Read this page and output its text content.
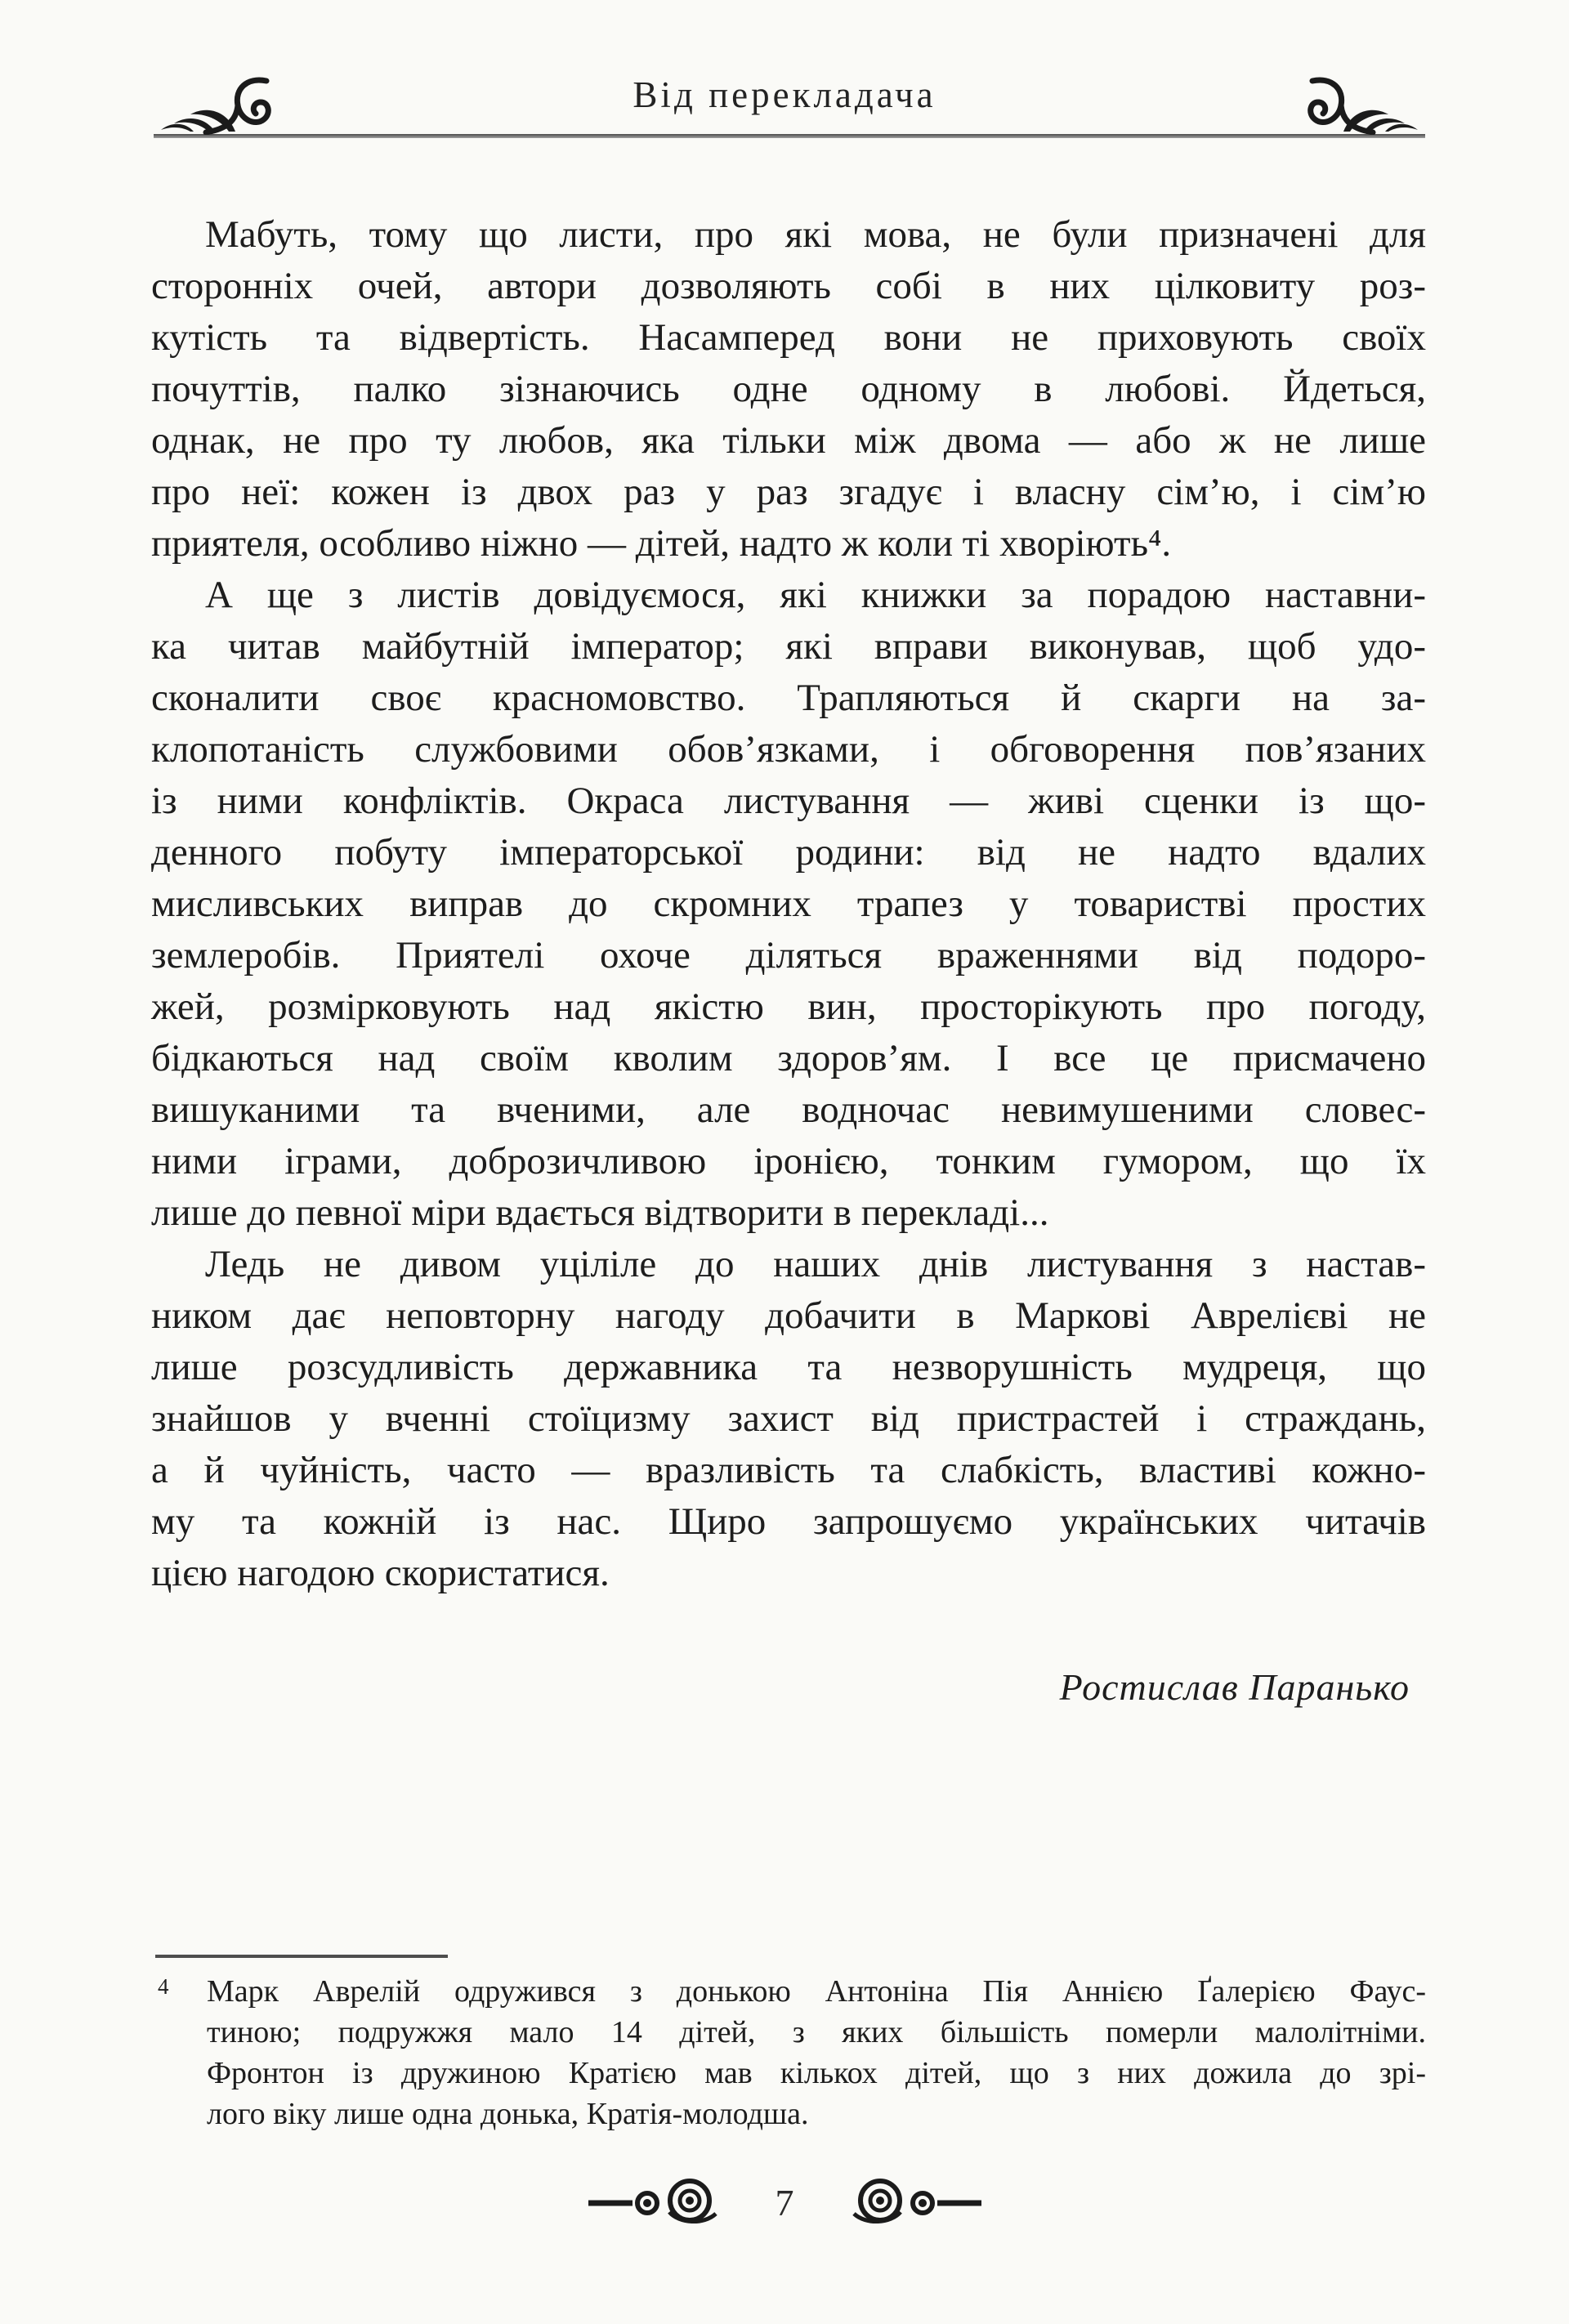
Від перекладача
Мабуть, тому що листи, про які мова, не були призначені для
сторонніх очей, автори дозволяють собі в них цілковиту роз-
кутість та відвертість. Насамперед вони не приховують своїх
почуттів, палко зізнаючись одне одному в любові. Йдеться,
однак, не про ту любов, яка тільки між двома — або ж не лише
про неї: кожен із двох раз у раз згадує і власну сім’ю, і сім’ю
приятеля, особливо ніжно — дітей, надто ж коли ті хворіють⁴.
А ще з листів довідуємося, які книжки за порадою наставни-
ка читав майбутній імператор; які вправи виконував, щоб удо-
сконалити своє красномовство. Трапляються й скарги на за-
клопотаність службовими обов’язками, і обговорення пов’язаних
із ними конфліктів. Окраса листування — живі сценки із що-
денного побуту імператорської родини: від не надто вдалих
мисливських виправ до скромних трапез у товаристві простих
землеробів. Приятелі охоче діляться враженнями від подоро-
жей, розмірковують над якістю вин, просторікують про погоду,
бідкаються над своїм кволим здоров’ям. І все це присмачено
вишуканими та вченими, але водночас невимушеними словес-
ними іграми, доброзичливою іронією, тонким гумором, що їх
лише до певної міри вдається відтворити в перекладі...
Ледь не дивом уціліле до наших днів листування з настав-
ником дає неповторну нагоду добачити в Маркові Аврелієві не
лише розсудливість державника та незворушність мудреця, що
знайшов у вченні стоїцизму захист від пристрастей і страждань,
а й чуйність, часто — вразливість та слабкість, властиві кожно-
му та кожній із нас. Щиро запрошуємо українських читачів
цією нагодою скористатися.
Ростислав Паранько
4 Марк Аврелій одружився з донькою Антоніна Пія Аннією Ґалерією Фаус-
тиною; подружжя мало 14 дітей, з яких більшість померли малолітніми.
Фронтон із дружиною Кратією мав кількох дітей, що з них дожила до зрі-
лого віку лише одна донька, Кратія-молодша.
7
